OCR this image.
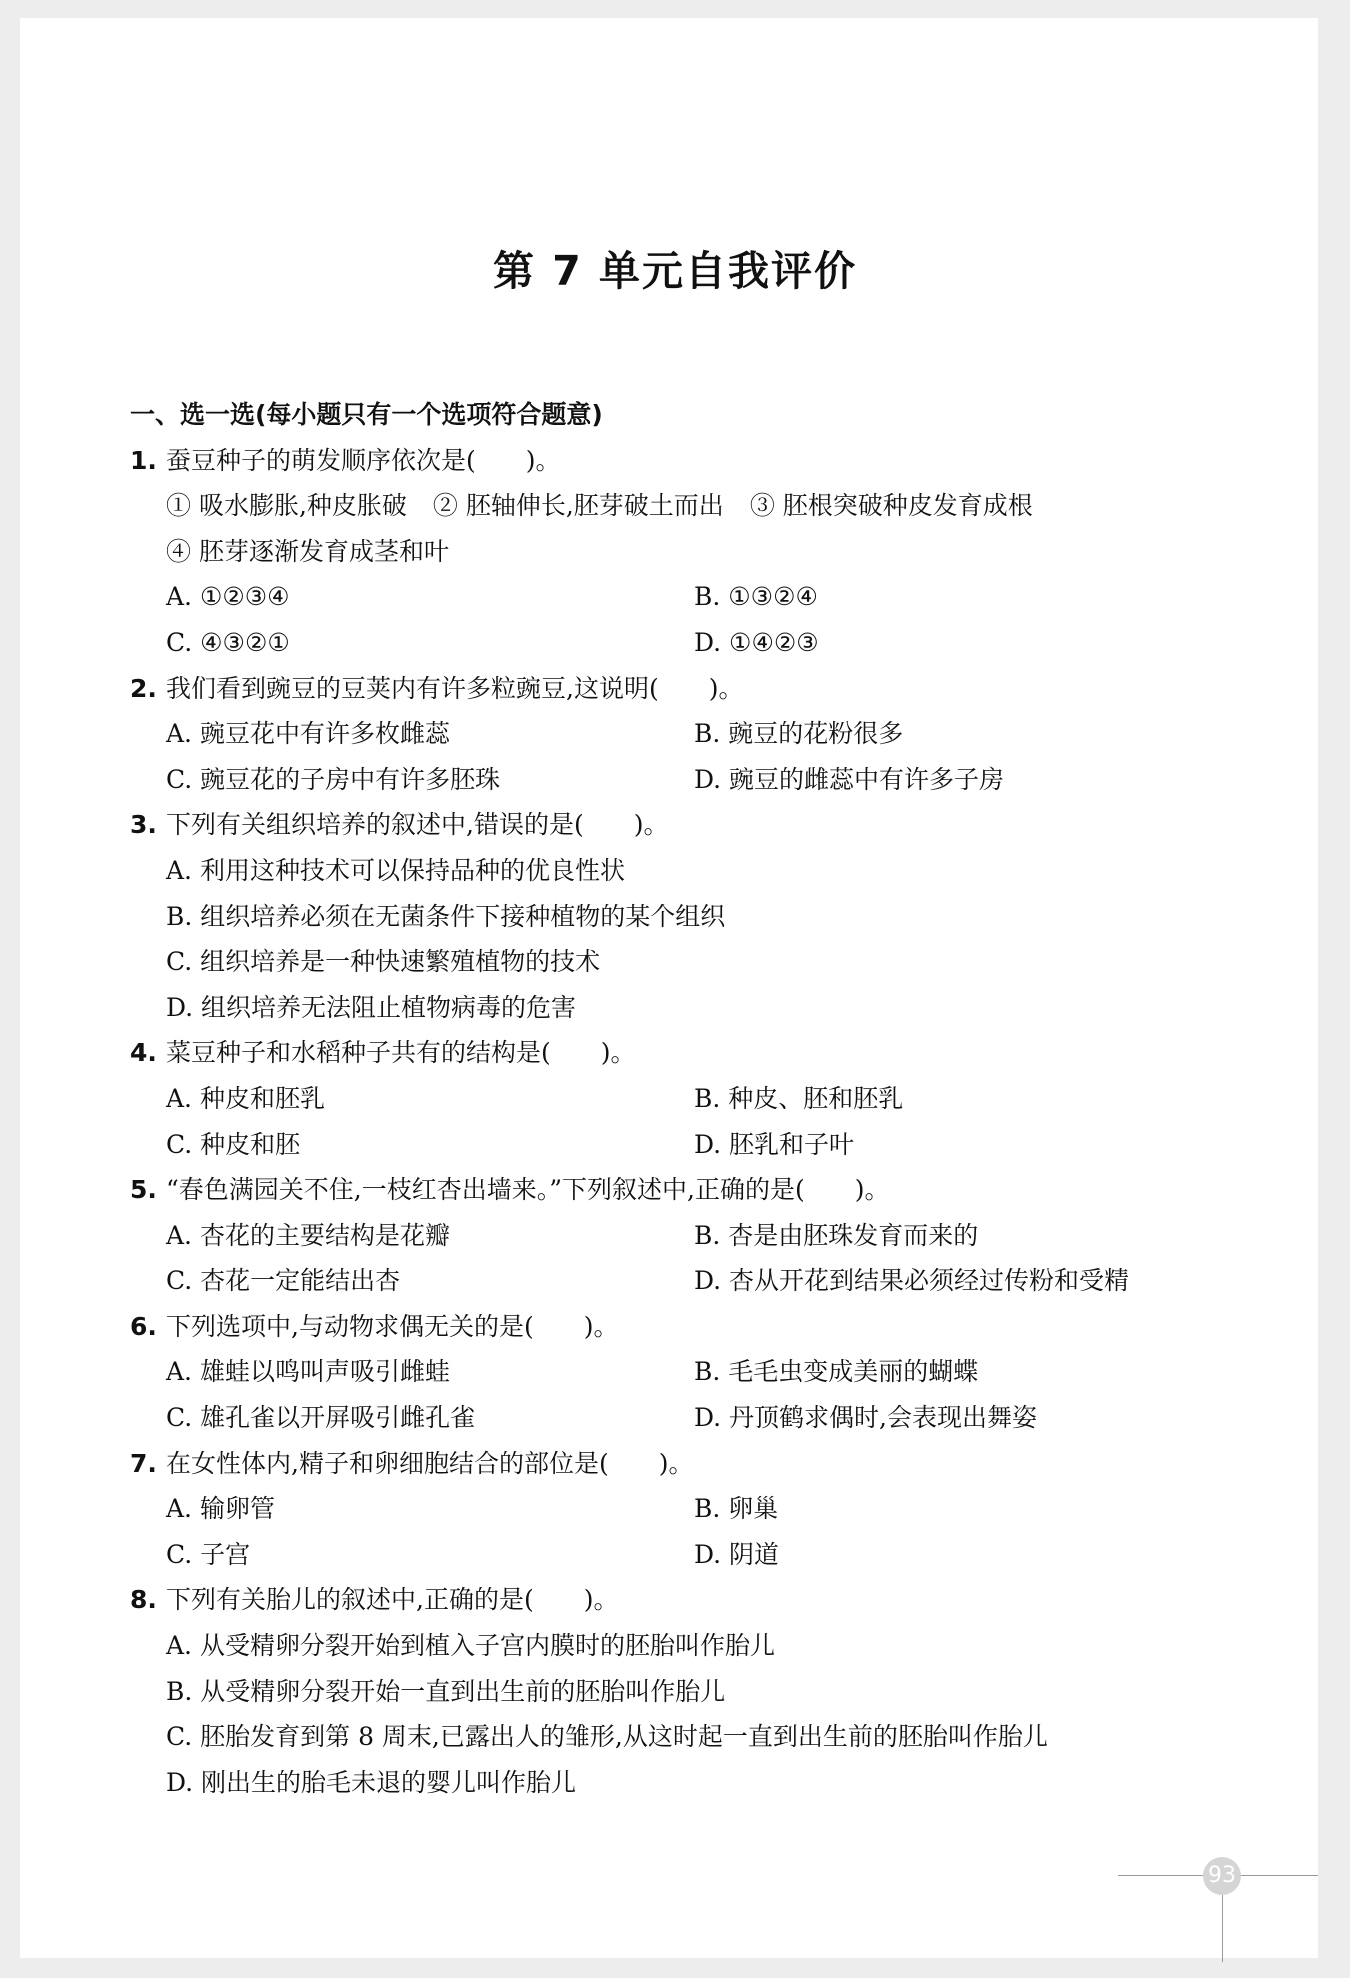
第 7 单元自我评价
一、选一选(每小题只有一个选项符合题意)
1. 蚕豆种子的萌发顺序依次是(　　)。
① 吸水膨胀,种皮胀破 ② 胚轴伸长,胚芽破土而出 ③ 胚根突破种皮发育成根
④ 胚芽逐渐发育成茎和叶
A. ①②③④	B. ①③②④
C. ④③②①	D. ①④②③
2. 我们看到豌豆的豆荚内有许多粒豌豆,这说明(　　)。
A. 豌豆花中有许多枚雌蕊	B. 豌豆的花粉很多
C. 豌豆花的子房中有许多胚珠	D. 豌豆的雌蕊中有许多子房
3. 下列有关组织培养的叙述中,错误的是(　　)。
A. 利用这种技术可以保持品种的优良性状
B. 组织培养必须在无菌条件下接种植物的某个组织
C. 组织培养是一种快速繁殖植物的技术
D. 组织培养无法阻止植物病毒的危害
4. 菜豆种子和水稻种子共有的结构是(　　)。
A. 种皮和胚乳	B. 种皮、胚和胚乳
C. 种皮和胚	D. 胚乳和子叶
5. “春色满园关不住,一枝红杏出墙来。”下列叙述中,正确的是(　　)。
A. 杏花的主要结构是花瓣	B. 杏是由胚珠发育而来的
C. 杏花一定能结出杏	D. 杏从开花到结果必须经过传粉和受精
6. 下列选项中,与动物求偶无关的是(　　)。
A. 雄蛙以鸣叫声吸引雌蛙	B. 毛毛虫变成美丽的蝴蝶
C. 雄孔雀以开屏吸引雌孔雀	D. 丹顶鹤求偶时,会表现出舞姿
7. 在女性体内,精子和卵细胞结合的部位是(　　)。
A. 输卵管	B. 卵巢
C. 子宫	D. 阴道
8. 下列有关胎儿的叙述中,正确的是(　　)。
A. 从受精卵分裂开始到植入子宫内膜时的胚胎叫作胎儿
B. 从受精卵分裂开始一直到出生前的胚胎叫作胎儿
C. 胚胎发育到第 8 周末,已露出人的雏形,从这时起一直到出生前的胚胎叫作胎儿
D. 刚出生的胎毛未退的婴儿叫作胎儿
93
